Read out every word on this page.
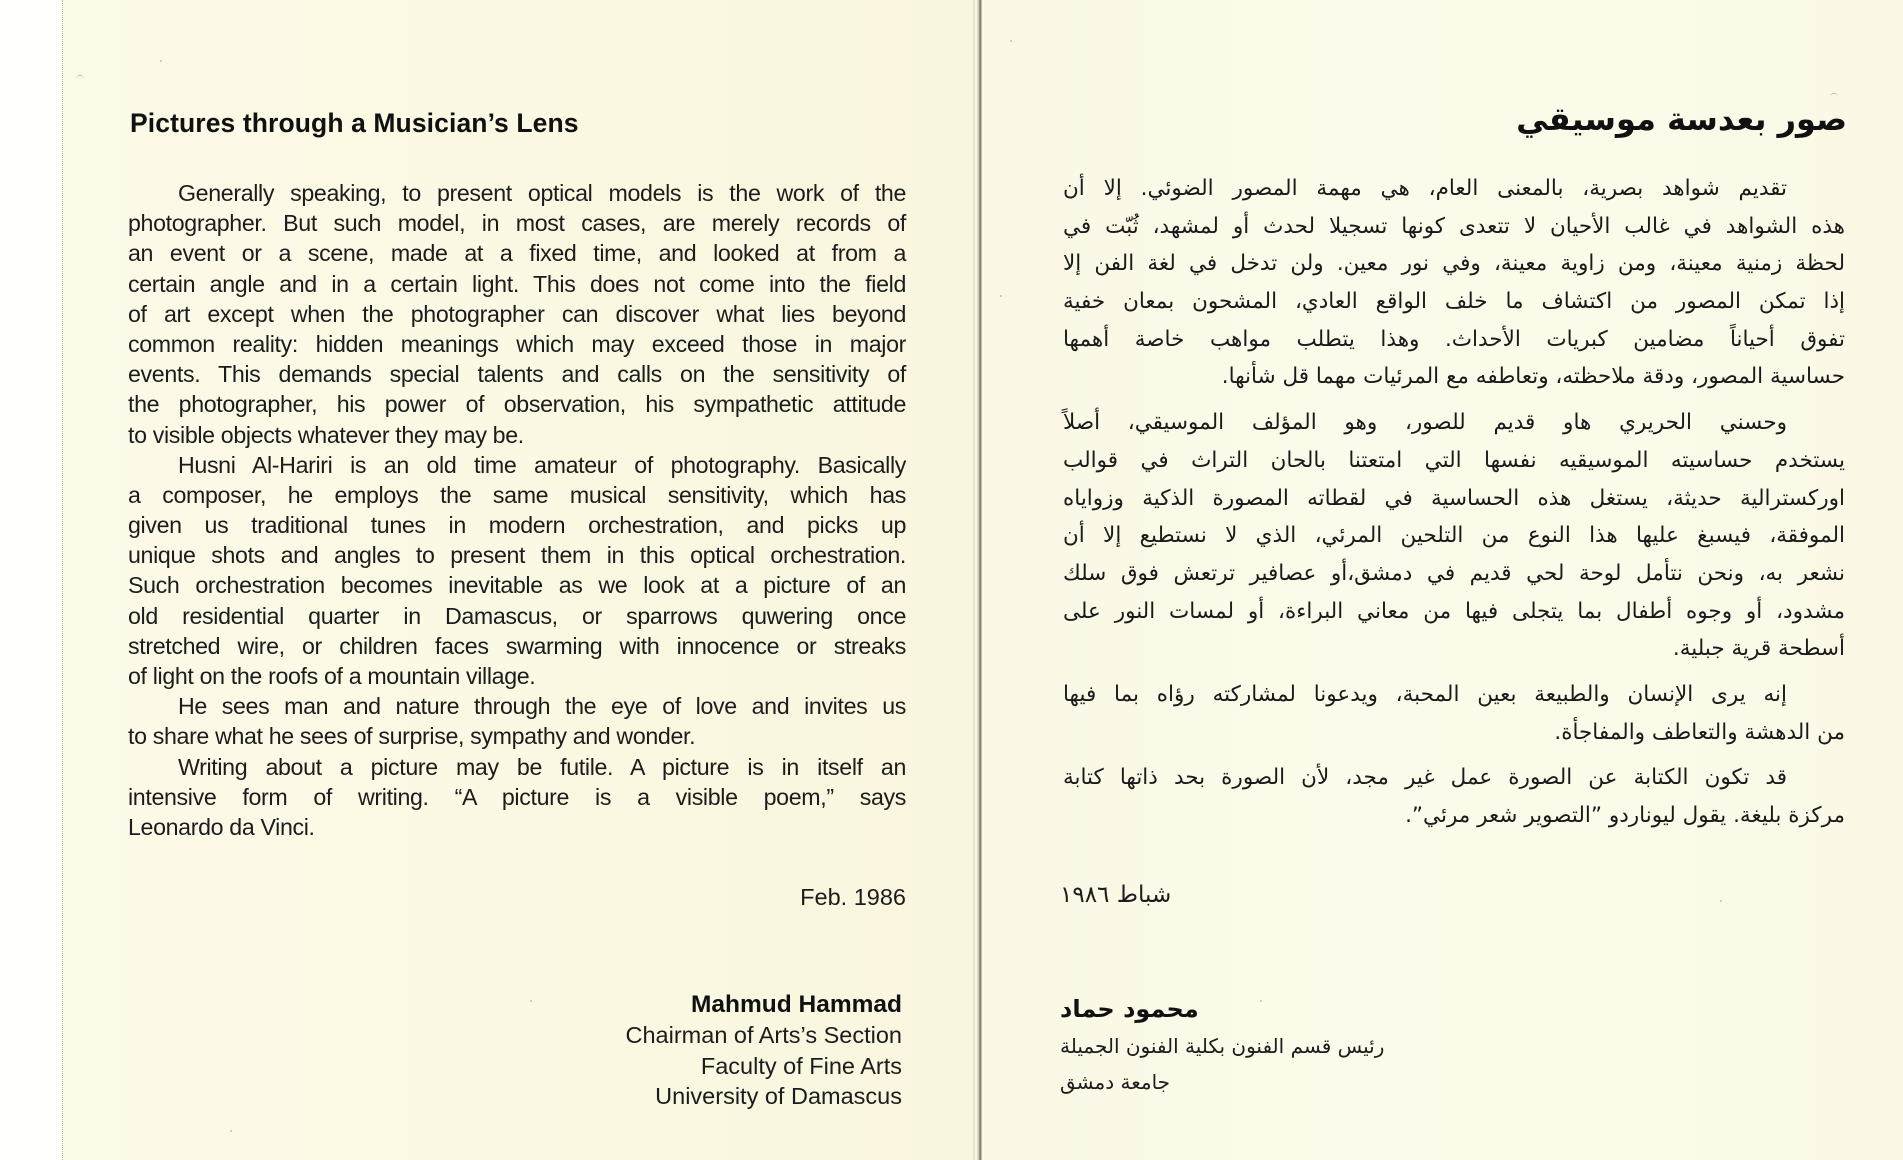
Pictures through a Musician’s Lens
Generally speaking, to present optical models is the work of the
photographer. But such model, in most cases, are merely records of
an event or a scene, made at a fixed time, and looked at from a
certain angle and in a certain light. This does not come into the field
of art except when the photographer can discover what lies beyond
common reality: hidden meanings which may exceed those in major
events. This demands special talents and calls on the sensitivity of
the photographer, his power of observation, his sympathetic attitude
to visible objects whatever they may be.
Husni Al-Hariri is an old time amateur of photography. Basically
a composer, he employs the same musical sensitivity, which has
given us traditional tunes in modern orchestration, and picks up
unique shots and angles to present them in this optical orchestration.
Such orchestration becomes inevitable as we look at a picture of an
old residential quarter in Damascus, or sparrows quwering once
stretched wire, or children faces swarming with innocence or streaks
of light on the roofs of a mountain village.
He sees man and nature through the eye of love and invites us
to share what he sees of surprise, sympathy and wonder.
Writing about a picture may be futile. A picture is in itself an
intensive form of writing. “A picture is a visible poem,” says
Leonardo da Vinci.
Feb. 1986
Mahmud Hammad
Chairman of Arts’s Section
Faculty of Fine Arts
University of Damascus
صور بعدسة موسيقي
تقديم شواهد بصرية، بالمعنى العام، هي مهمة المصور الضوئي. إلا أن
هذه الشواهد في غالب الأحيان لا تتعدى كونها تسجيلا لحدث أو لمشهد، ثُبّت في
لحظة زمنية معينة، ومن زاوية معينة، وفي نور معين. ولن تدخل في لغة الفن إلا
إذا تمكن المصور من اكتشاف ما خلف الواقع العادي، المشحون بمعان خفية
تفوق أحياناً مضامين كبريات الأحداث. وهذا يتطلب مواهب خاصة أهمها
حساسية المصور، ودقة ملاحظته، وتعاطفه مع المرئيات مهما قل شأنها.
وحسني الحريري هاو قديم للصور، وهو المؤلف الموسيقي، أصلاً
يستخدم حساسيته الموسيقيه نفسها التي امتعتنا بالحان التراث في قوالب
اوركسترالية حديثة، يستغل هذه الحساسية في لقطاته المصورة الذكية وزواياه
الموفقة، فيسبغ عليها هذا النوع من التلحين المرئي، الذي لا نستطيع إلا أن
نشعر به، ونحن نتأمل لوحة لحي قديم في دمشق،أو عصافير ترتعش فوق سلك
مشدود، أو وجوه أطفال بما يتجلى فيها من معاني البراءة، أو لمسات النور على
أسطحة قرية جبلية.
إنه يرى الإنسان والطبيعة بعين المحبة، ويدعونا لمشاركته رؤاه بما فيها
من الدهشة والتعاطف والمفاجأة.
قد تكون الكتابة عن الصورة عمل غير مجد، لأن الصورة بحد ذاتها كتابة
مركزة بليغة. يقول ليوناردو ”التصوير شعر مرئي”.
شباط ١٩٨٦
محمود حماد
رئيس قسم الفنون بكلية الفنون الجميلة
جامعة دمشق
